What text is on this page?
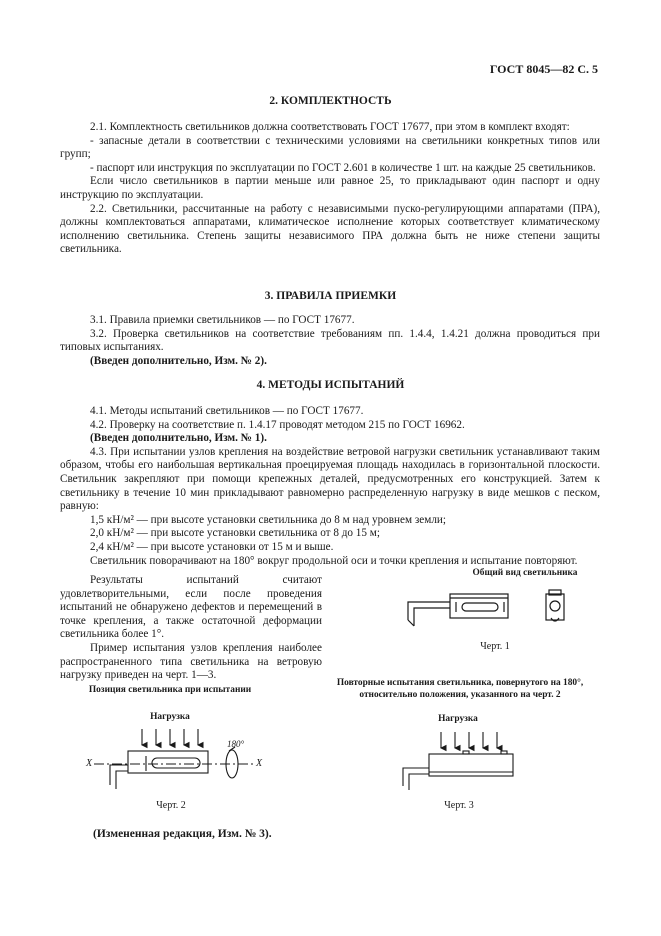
ГОСТ 8045—82 С. 5

2. КОМПЛЕКТНОСТЬ

2.1. Комплектность светильников должна соответствовать ГОСТ 17677, при этом в комплект входят:

- запасные детали в соответствии с техническими условиями на светильники конкретных типов или групп;

- паспорт или инструкция по эксплуатации по ГОСТ 2.601 в количестве 1 шт. на каждые 25 светильников.

Если число светильников в партии меньше или равное 25, то прикладывают один паспорт и одну инструкцию по эксплуатации.

2.2. Светильники, рассчитанные на работу с независимыми пуско-регулирующими аппаратами (ПРА), должны комплектоваться аппаратами, климатическое исполнение которых соответствует климатическому исполнению светильника. Степень защиты независимого ПРА должна быть не ниже степени защиты светильника.

3. ПРАВИЛА ПРИЕМКИ

3.1. Правила приемки светильников — по ГОСТ 17677.

3.2. Проверка светильников на соответствие требованиям пп. 1.4.4, 1.4.21 должна проводиться при типовых испытаниях.

(Введен дополнительно, Изм. № 2).

4. МЕТОДЫ ИСПЫТАНИЙ

4.1. Методы испытаний светильников — по ГОСТ 17677.

4.2. Проверку на соответствие п. 1.4.17 проводят методом 215 по ГОСТ 16962.

(Введен дополнительно, Изм. № 1).

4.3. При испытании узлов крепления на воздействие ветровой нагрузки светильник устанавливают таким образом, чтобы его наибольшая вертикальная проецируемая площадь находилась в горизонтальной плоскости. Светильник закрепляют при помощи крепежных деталей, предусмотренных его конструкцией. Затем к светильнику в течение 10 мин прикладывают равномерно распределенную нагрузку в виде мешков с песком, равную:

1,5 кН/м² — при высоте установки светильника до 8 м над уровнем земли;

2,0 кН/м² — при высоте установки светильника от 8 до 15 м;

2,4 кН/м² — при высоте установки от 15 м и выше.

Светильник поворачивают на 180° вокруг продольной оси и точки крепления и испытание повторяют.

Результаты испытаний считают удовлетворительными, если после проведения испытаний не обнаружено дефектов и перемещений в точке крепления, а также остаточной деформации светильника более 1°.

Пример испытания узлов крепления наиболее распространенного типа светильника на ветровую нагрузку приведен на черт. 1—3.

Общий вид светильника

Черт. 1

Повторные испытания светильника, повернутого на 180°,
относительно положения, указанного на черт. 2

Позиция светильника при испытании

Нагрузка

X	X
180°

Черт. 2

Нагрузка

Черт. 3

(Измененная редакция, Изм. № 3).
